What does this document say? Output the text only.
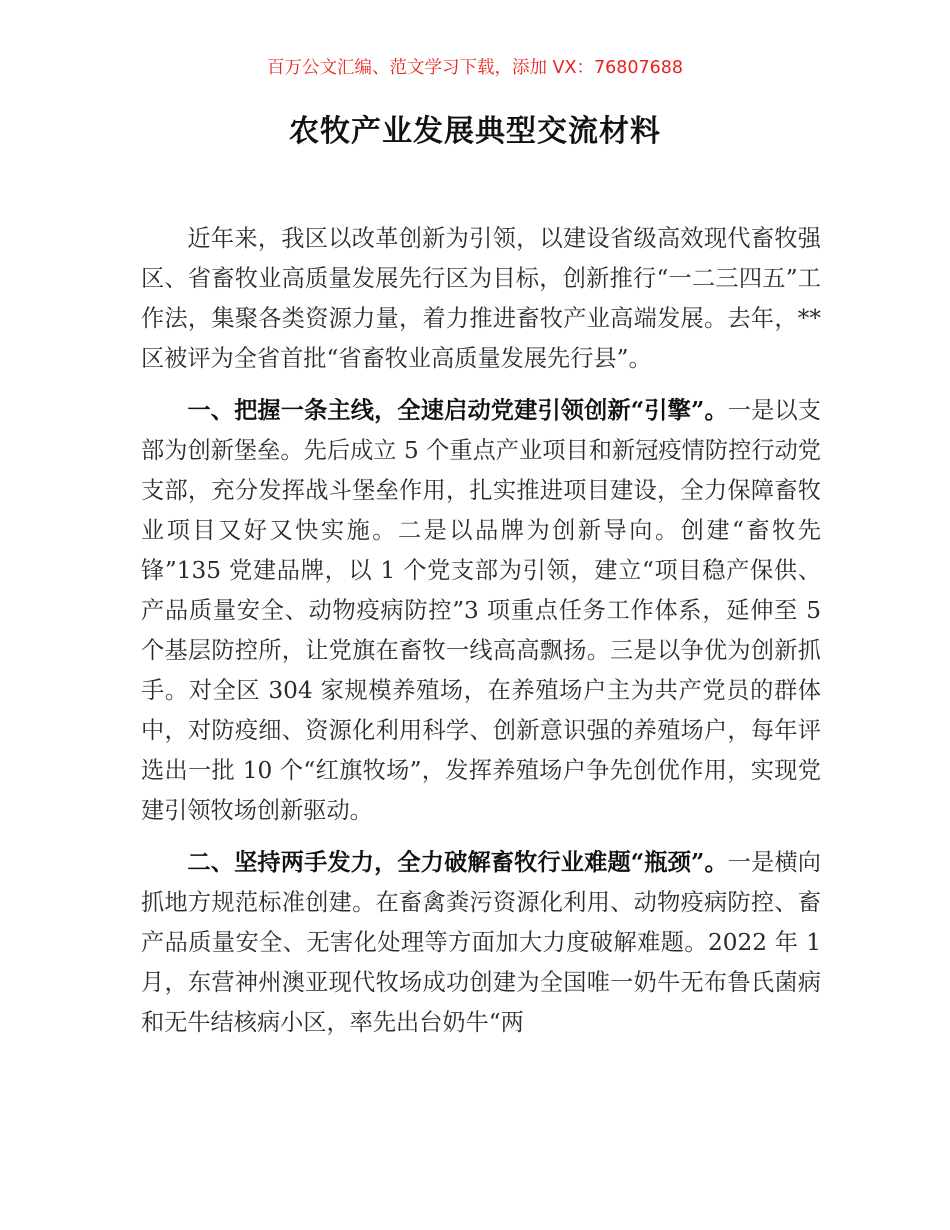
百万公文汇编、范文学习下载，添加 VX：76807688
农牧产业发展典型交流材料

近年来，我区以改革创新为引领，以建设省级高效现代畜牧强区、省畜牧业高质量发展先行区为目标，创新推行“一二三四五”工作法，集聚各类资源力量，着力推进畜牧产业高端发展。去年，**区被评为全省首批“省畜牧业高质量发展先行县”。

一、把握一条主线，全速启动党建引领创新“引擎”。一是以支部为创新堡垒。先后成立 5 个重点产业项目和新冠疫情防控行动党支部，充分发挥战斗堡垒作用，扎实推进项目建设，全力保障畜牧业项目又好又快实施。二是以品牌为创新导向。创建“畜牧先锋”135 党建品牌，以 1 个党支部为引领，建立“项目稳产保供、产品质量安全、动物疫病防控”3 项重点任务工作体系，延伸至 5 个基层防控所，让党旗在畜牧一线高高飘扬。三是以争优为创新抓手。对全区 304 家规模养殖场，在养殖场户主为共产党员的群体中，对防疫细、资源化利用科学、创新意识强的养殖场户，每年评选出一批 10 个“红旗牧场”，发挥养殖场户争先创优作用，实现党建引领牧场创新驱动。

二、坚持两手发力，全力破解畜牧行业难题“瓶颈”。一是横向抓地方规范标准创建。在畜禽粪污资源化利用、动物疫病防控、畜产品质量安全、无害化处理等方面加大力度破解难题。2022 年 1 月，东营神州澳亚现代牧场成功创建为全国唯一奶牛无布鲁氏菌病和无牛结核病小区，率先出台奶牛“两
